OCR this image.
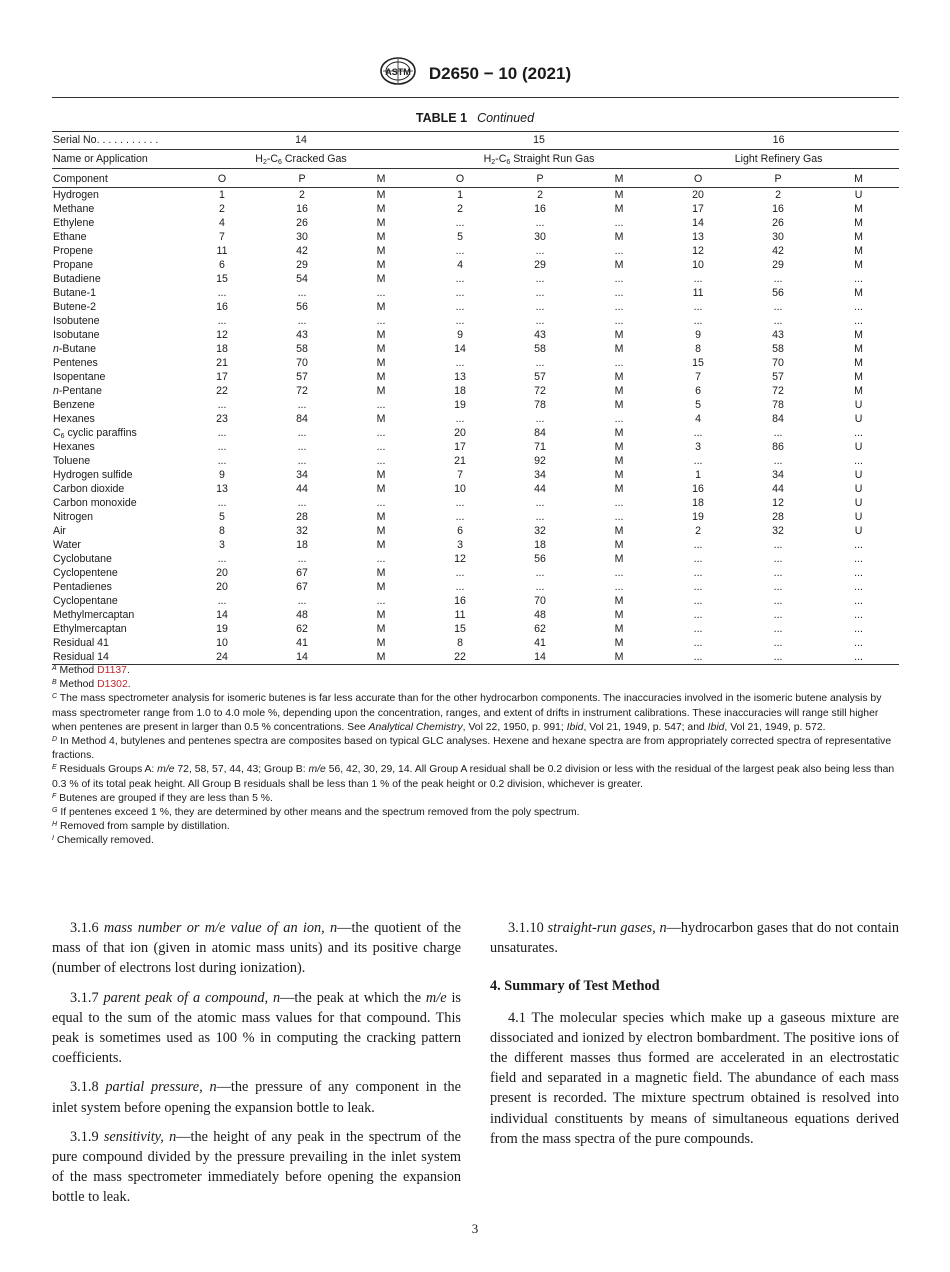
ASTM D2650 − 10 (2021)
TABLE 1 Continued
Serial No. . . . . . . . . . .	14			15			16		
Name or Application	$H_2-C_6$ Cracked Gas			$H_2-C_6$ Straight Run Gas			Light Refinery Gas		
Component	O	P	M	O	P	M	O	P	M
Hydrogen	1	2	M	1	2	M	20	2	U
Methane	2	16	M	2	16	M	17	16	M
Ethylene	4	26	M	...	...	...	14	26	M
Ethane	7	30	M	5	30	M	13	30	M
Propene	11	42	M	...	...	...	12	42	M
Propane	6	29	M	4	29	M	10	29	M
Butadiene	15	54	M	...	...	...	...	...	...
Butane-1	...	...	...	...	...	...	11	56	M
Butene-2	16	56	M	...	...	...	...	...	...
Isobutene	...	...	...	...	...	...	...	...	...
Isobutane	12	43	M	9	43	M	9	43	M
n-Butane	18	58	M	14	58	M	8	58	M
Pentenes	21	70	M	...	...	...	15	70	M
Isopentane	17	57	M	13	57	M	7	57	M
n-Pentane	22	72	M	18	72	M	6	72	M
Benzene	...	...	...	19	78	M	5	78	U
Hexanes	23	84	M	...	...	...	4	84	U
$C_6$ cyclic paraffins	...	...	...	20	84	M	...	...	...
Hexanes	...	...	...	17	71	M	3	86	U
Toluene	...	...	...	21	92	M	...	...	...
Hydrogen sulfide	9	34	M	7	34	M	1	34	U
Carbon dioxide	13	44	M	10	44	M	16	44	U
Carbon monoxide	...	...	...	...	...	...	18	12	U
Nitrogen	5	28	M	...	...	...	19	28	U
Air	8	32	M	6	32	M	2	32	U
Water	3	18	M	3	18	M	...	...	...
Cyclobutane	...	...	...	12	56	M	...	...	...
Cyclopentene	20	67	M	...	...	...	...	...	...
Pentadienes	20	67	M	...	...	...	...	...	...
Cyclopentane	...	...	...	16	70	M	...	...	...
Methylmercaptan	14	48	M	11	48	M	...	...	...
Ethylmercaptan	19	62	M	15	62	M	...	...	...
Residual 41	10	41	M	8	41	M	...	...	...
Residual 14	24	14	M	22	14	M	...	...	...

$^A$ Method D1137.

$^B$ Method D1302.

$^C$ The mass spectrometer analysis for isomeric butenes is far less accurate than for the other hydrocarbon components. The inaccuracies involved in the isomeric butene analysis by mass spectrometer range from 1.0 to 4.0 mole %, depending upon the concentration, ranges, and extent of drifts in instrument calibrations. These inaccuracies will range still higher when pentenes are present in larger than 0.5 % concentrations. See Analytical Chemistry, Vol 22, 1950, p. 991; Ibid, Vol 21, 1949, p. 547; and Ibid, Vol 21, 1949, p. 572.

$^D$ In Method 4, butylenes and pentenes spectra are composites based on typical GLC analyses. Hexene and hexane spectra are from appropriately corrected spectra of representative fractions.

$^E$ Residuals Groups A: m/e 72, 58, 57, 44, 43; Group B: m/e 56, 42, 30, 29, 14. All Group A residual shall be 0.2 division or less with the residual of the largest peak also being less than 0.3 % of its total peak height. All Group B residuals shall be less than 1 % of the peak height or 0.2 division, whichever is greater.

$^F$ Butenes are grouped if they are less than 5 %.

$^G$ If pentenes exceed 1 %, they are determined by other means and the spectrum removed from the poly spectrum.

$^H$ Removed from sample by distillation.

$^I$ Chemically removed.

3.1.6 mass number or m/e value of an ion, n—the quotient of the mass of that ion (given in atomic mass units) and its positive charge (number of electrons lost during ionization).

3.1.7 parent peak of a compound, n—the peak at which the m/e is equal to the sum of the atomic mass values for that compound. This peak is sometimes used as 100 % in computing the cracking pattern coefficients.

3.1.8 partial pressure, n—the pressure of any component in the inlet system before opening the expansion bottle to leak.

3.1.9 sensitivity, n—the height of any peak in the spectrum of the pure compound divided by the pressure prevailing in the inlet system of the mass spectrometer immediately before opening the expansion bottle to leak.

3.1.10 straight-run gases, n—hydrocarbon gases that do not contain unsaturates.

4. Summary of Test Method

4.1 The molecular species which make up a gaseous mixture are dissociated and ionized by electron bombardment. The positive ions of the different masses thus formed are accelerated in an electrostatic field and separated in a magnetic field. The abundance of each mass present is recorded. The mixture spectrum obtained is resolved into individual constituents by means of simultaneous equations derived from the mass spectra of the pure compounds.

3
